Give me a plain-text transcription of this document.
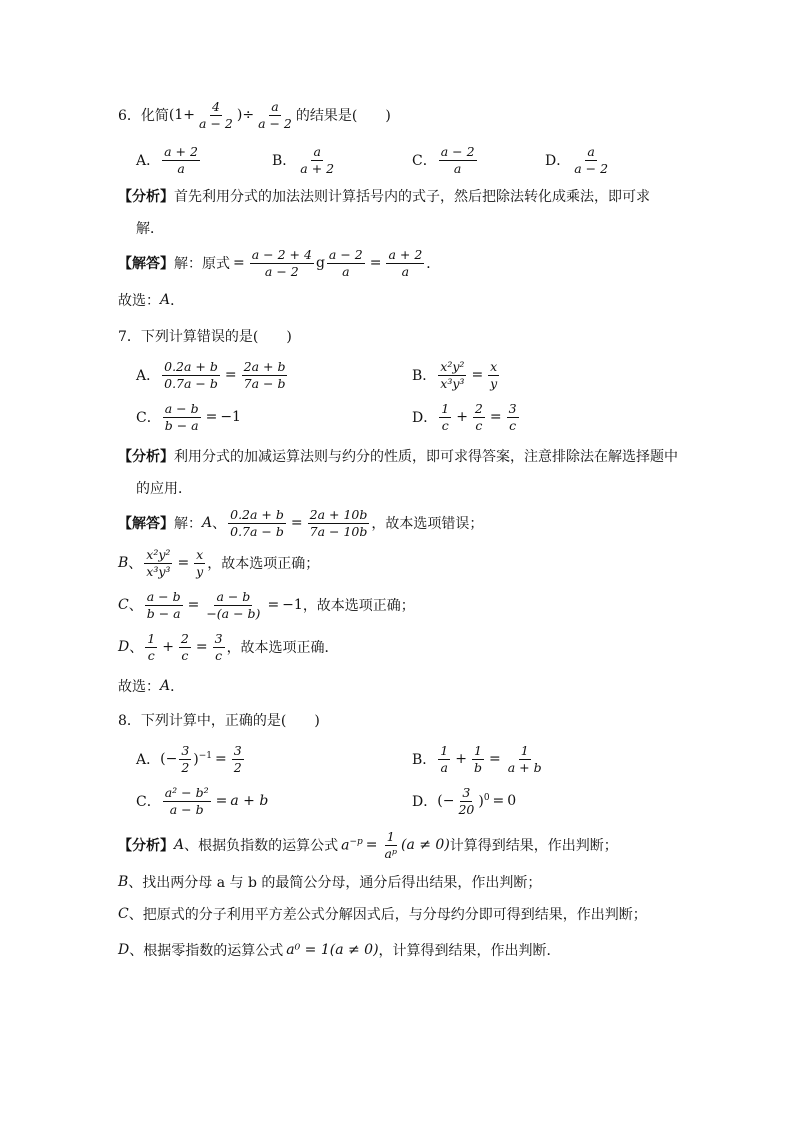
6．化简 ($1+ \frac{4}{a - 2}$ )÷ $\frac{a}{a - 2}$ 的结果是(　　)
A． $\frac{a + 2}{a}$	B． $\frac{a}{a + 2}$	C． $\frac{a - 2}{a}$	D． $\frac{a}{a - 2}$
【分析】 首先利用分式的加法法则计算括号内的式子，然后把除法转化成乘法，即可求
解．
【解答】 解：原式 = $\frac{a - 2 + 4}{a - 2}$ g $\frac{a - 2}{a} = \frac{a + 2}{a}$ ．
故选： A ．
7．下列计算错误的是(　　)
A． $\frac{0.2a + b}{0.7a - b} = \frac{2a + b}{7a - b}$	B． $\frac{\text{x²y²}}{\text{x³y³}} = \frac{x}{y}$
C． $\frac{a - b}{b - a} = -1$	D． $\frac{1}{c} + \frac{2}{c} = \frac{3}{c}$
【分析】 利用分式的加减运算法则与约分的性质，即可求得答案，注意排除法在解选择题中
的应用．
【解答】 解： A 、 $\frac{0.2a + b}{0.7a - b} = \frac{2a + 10b}{7a - 10b}$ ，故本选项错误；
B 、 $\frac{\text{x²y²}}{\text{x³y³}} = \frac{x}{y}$ ，故本选项正确；
C 、 $\frac{a - b}{b - a} = \frac{a - b}{-(a - b)} = -1$ ，故本选项正确；
D 、 $\frac{1}{c} + \frac{2}{c} = \frac{3}{c}$ ，故本选项正确．
故选： A ．
8．下列计算中，正确的是(　　)
A． (− $\frac{3}{2} )^{-1} = \frac{3}{2}$	B． $\frac{1}{a} + \frac{1}{b} = \frac{1}{a + b}$
C． $\frac{\text{a² − b²}}{a - b} = a + b$	D． (− $\frac{3}{20} )^0 = 0$
【分析】 A 、根据负指数的运算公式 $a^{-p} = \frac{1}{\text{aᵖ}} (a \ne 0)$ 计算得到结果，作出判断；
B 、找出两分母 a 与 b 的最简公分母，通分后得出结果，作出判断；
C 、把原式的分子利用平方差公式分解因式后，与分母约分即可得到结果，作出判断；
D 、根据零指数的运算公式 a⁰ = 1(a ≠ 0) ，计算得到结果，作出判断．
